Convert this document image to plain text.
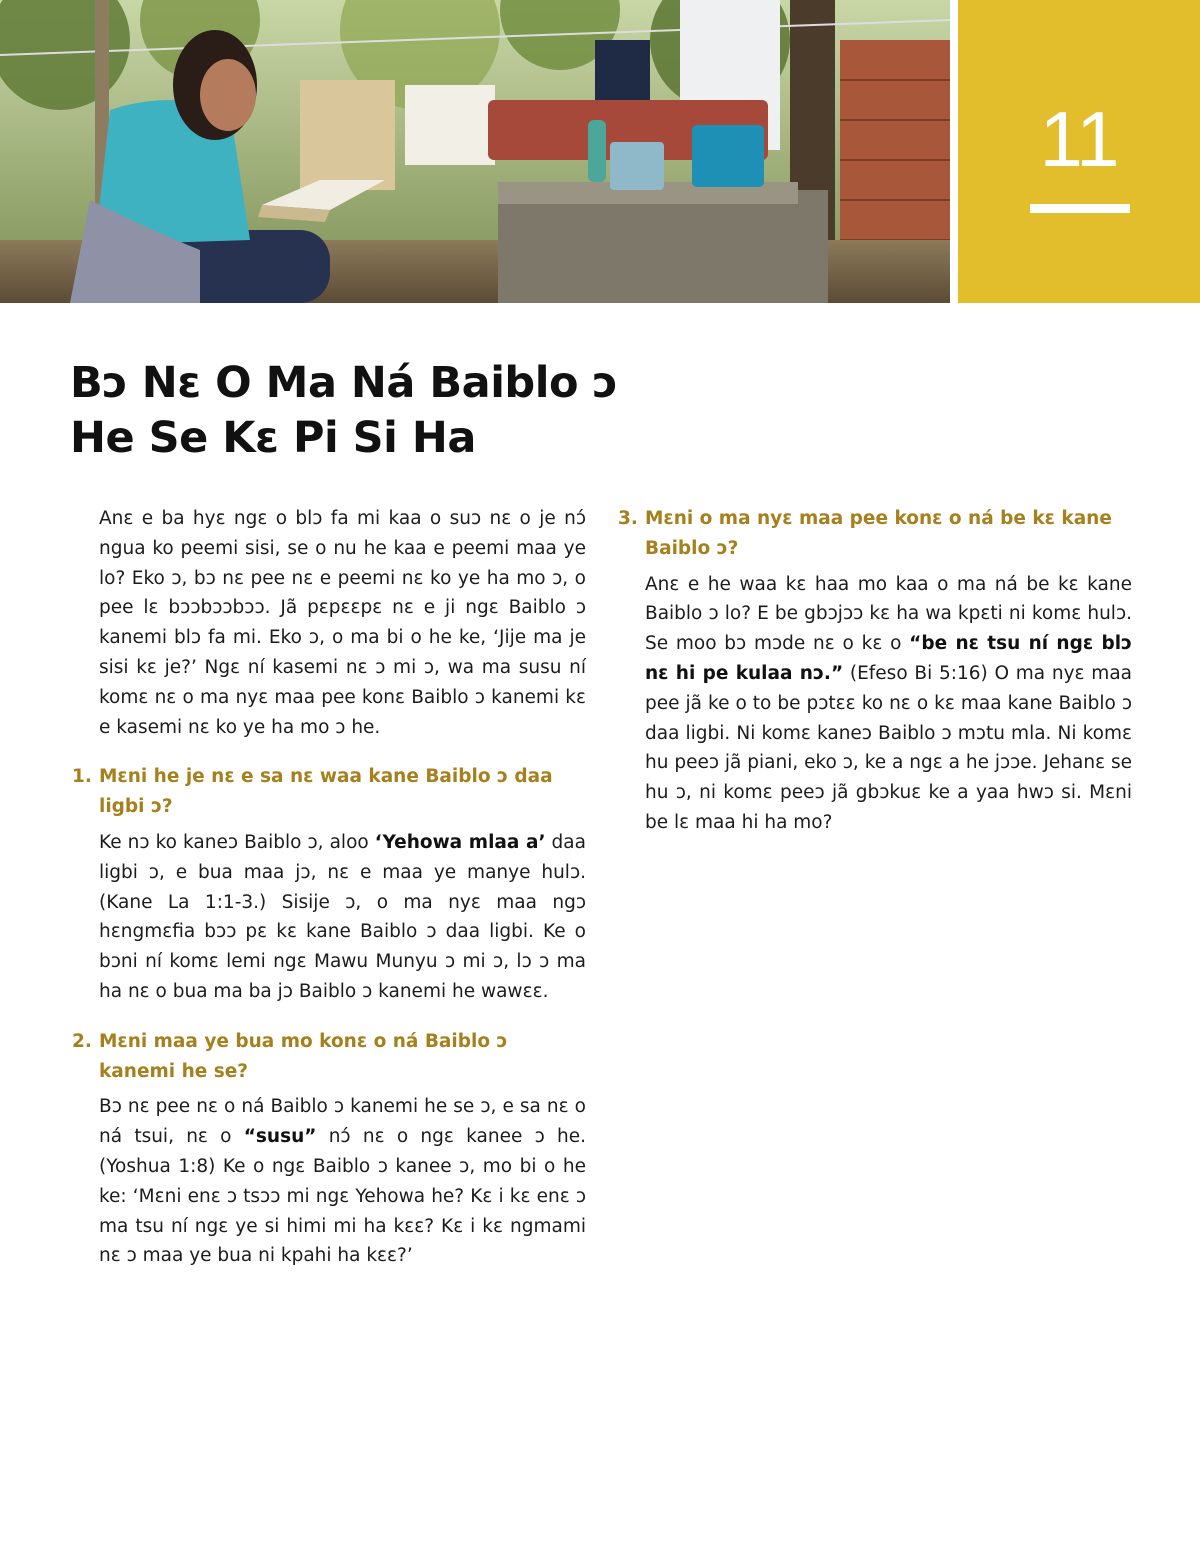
11
Bɔ Nɛ O Ma Ná Baiblo ɔ
He Se Kɛ Pi Si Ha

Anɛ e ba hyɛ ngɛ o blɔ fa mi kaa o suɔ nɛ o je nɔ́ ngua ko peemi sisi, se o nu he kaa e peemi maa ye lo? Eko ɔ, bɔ nɛ pee nɛ e peemi nɛ ko ye ha mo ɔ, o pee lɛ bɔɔbɔɔbɔɔ. Jã pɛpɛɛpɛ nɛ e ji ngɛ Baiblo ɔ kanemi blɔ fa mi. Eko ɔ, o ma bi o he ke, ‘Jije ma je sisi kɛ je?’ Ngɛ ní kasemi nɛ ɔ mi ɔ, wa ma susu ní komɛ nɛ o ma nyɛ maa pee konɛ Baiblo ɔ kanemi kɛ e kasemi nɛ ko ye ha mo ɔ he.

1. Mɛni he je nɛ e sa nɛ waa kane Baiblo ɔ daa ligbi ɔ?

Ke nɔ ko kaneɔ Baiblo ɔ, aloo ‘Yehowa mlaa a’ daa ligbi ɔ, e bua maa jɔ, nɛ e maa ye manye hulɔ. (Kane La 1:1-3.) Sisije ɔ, o ma nyɛ maa ngɔ hɛngmɛfia bɔɔ pɛ kɛ kane Baiblo ɔ daa ligbi. Ke o bɔni ní komɛ lemi ngɛ Mawu Munyu ɔ mi ɔ, lɔ ɔ ma ha nɛ o bua ma ba jɔ Baiblo ɔ kanemi he wawɛɛ.

2. Mɛni maa ye bua mo konɛ o ná Baiblo ɔ kanemi he se?

Bɔ nɛ pee nɛ o ná Baiblo ɔ kanemi he se ɔ, e sa nɛ o ná tsui, nɛ o “susu” nɔ́ nɛ o ngɛ kanee ɔ he. (Yoshua 1:8) Ke o ngɛ Baiblo ɔ kanee ɔ, mo bi o he ke: ‘Mɛni enɛ ɔ tsɔɔ mi ngɛ Yehowa he? Kɛ i kɛ enɛ ɔ ma tsu ní ngɛ ye si himi mi ha kɛɛ? Kɛ i kɛ ngmami nɛ ɔ maa ye bua ni kpahi ha kɛɛ?’

3. Mɛni o ma nyɛ maa pee konɛ o ná be kɛ kane Baiblo ɔ?

Anɛ e he waa kɛ haa mo kaa o ma ná be kɛ kane Baiblo ɔ lo? E be gbɔjɔɔ kɛ ha wa kpɛti ni komɛ hulɔ. Se moo bɔ mɔde nɛ o kɛ o “be nɛ tsu ní ngɛ blɔ nɛ hi pe kulaa nɔ.” (Efeso Bi 5:16) O ma nyɛ maa pee jã ke o to be pɔtɛɛ ko nɛ o kɛ maa kane Baiblo ɔ daa ligbi. Ni komɛ kaneɔ Baiblo ɔ mɔtu mla. Ni komɛ hu peeɔ jã piani, eko ɔ, ke a ngɛ a he jɔɔe. Jehanɛ se hu ɔ, ni komɛ peeɔ jã gbɔkuɛ ke a yaa hwɔ si. Mɛni be lɛ maa hi ha mo?
